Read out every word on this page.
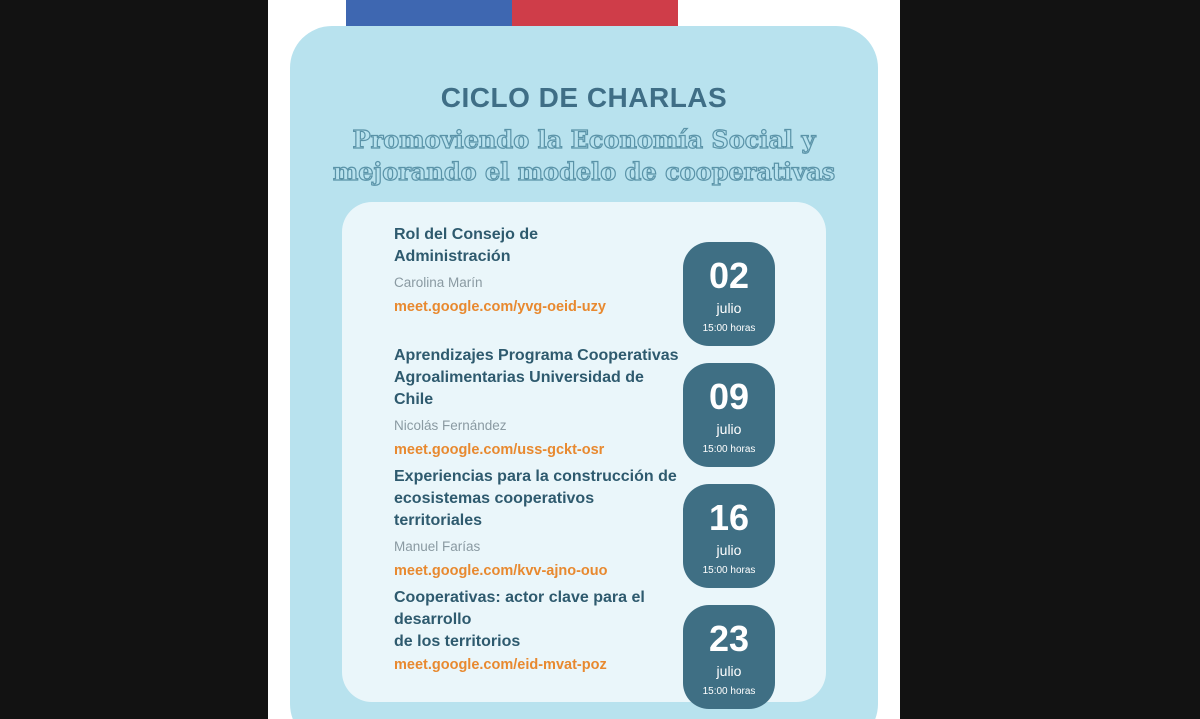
CICLO DE CHARLAS
Promoviendo la Economía Social y
mejorando el modelo de cooperativas
Rol del Consejo de
Administración
Carolina Marín
meet.google.com/yvg-oeid-uzy
02
julio
15:00 horas
Aprendizajes Programa Cooperativas
Agroalimentarias Universidad de Chile
Nicolás Fernández
meet.google.com/uss-gckt-osr
09
julio
15:00 horas
Experiencias para la construcción de
ecosistemas cooperativos territoriales
Manuel Farías
meet.google.com/kvv-ajno-ouo
16
julio
15:00 horas
Cooperativas: actor clave para el
desarrollo
de los territorios
meet.google.com/eid-mvat-poz
23
julio
15:00 horas
